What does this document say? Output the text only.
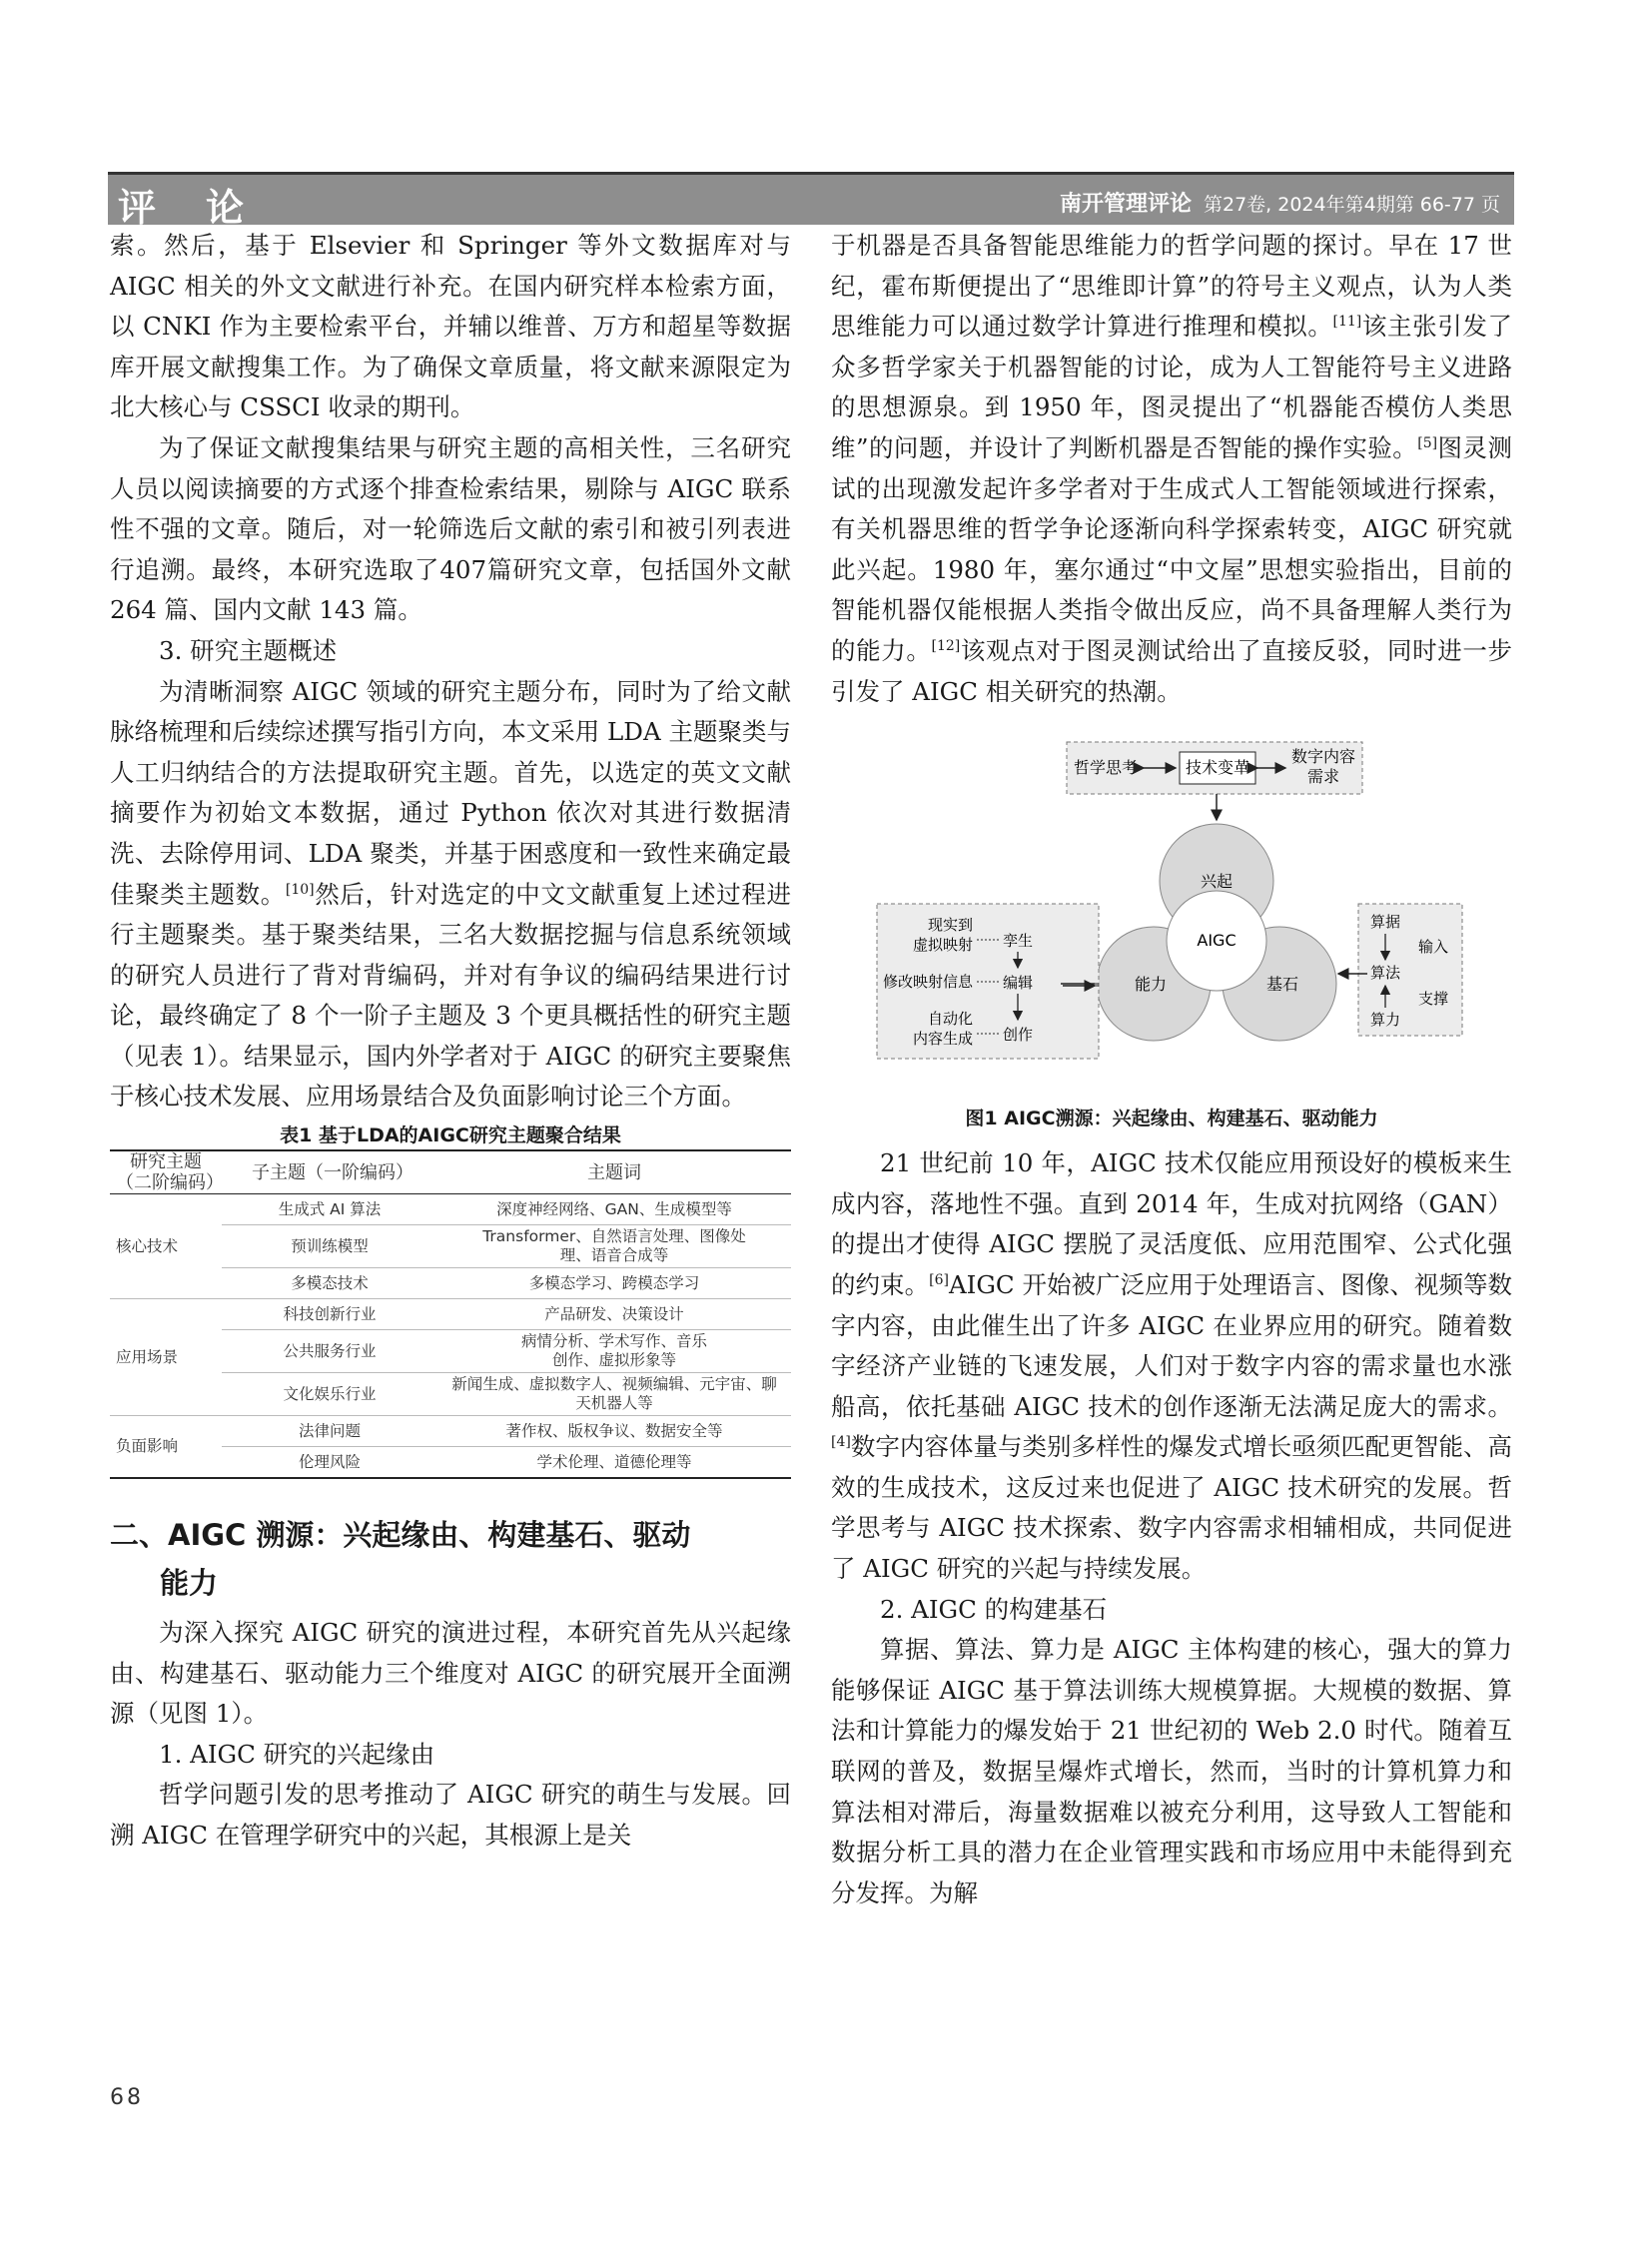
评论	南开管理评论 第27卷, 2024年第4期第 66-77 页

索。然后，基于 Elsevier 和 Springer 等外文数据库对与 AIGC 相关的外文文献进行补充。在国内研究样本检索方面，以 CNKI 作为主要检索平台，并辅以维普、万方和超星等数据库开展文献搜集工作。为了确保文章质量，将文献来源限定为北大核心与 CSSCI 收录的期刊。

为了保证文献搜集结果与研究主题的高相关性，三名研究人员以阅读摘要的方式逐个排查检索结果，剔除与 AIGC 联系性不强的文章。随后，对一轮筛选后文献的索引和被引列表进行追溯。最终，本研究选取了407篇研究文章，包括国外文献 264 篇、国内文献 143 篇。

3. 研究主题概述

为清晰洞察 AIGC 领域的研究主题分布，同时为了给文献脉络梳理和后续综述撰写指引方向，本文采用 LDA 主题聚类与人工归纳结合的方法提取研究主题。首先，以选定的英文文献摘要作为初始文本数据，通过 Python 依次对其进行数据清洗、去除停用词、LDA 聚类，并基于困惑度和一致性来确定最佳聚类主题数。[10]然后，针对选定的中文文献重复上述过程进行主题聚类。基于聚类结果，三名大数据挖掘与信息系统领域的研究人员进行了背对背编码，并对有争议的编码结果进行讨论，最终确定了 8 个一阶子主题及 3 个更具概括性的研究主题（见表 1）。结果显示，国内外学者对于 AIGC 的研究主要聚焦于核心技术发展、应用场景结合及负面影响讨论三个方面。

表1 基于LDA的AIGC研究主题聚合结果
研究主题（二阶编码）	子主题（一阶编码）	主题词
核心技术	生成式 AI 算法	深度神经网络、GAN、生成模型等
	预训练模型	Transformer、自然语言处理、图像处理、语音合成等
	多模态技术	多模态学习、跨模态学习
应用场景	科技创新行业	产品研发、决策设计
	公共服务行业	病情分析、学术写作、音乐创作、虚拟形象等
	文化娱乐行业	新闻生成、虚拟数字人、视频编辑、元宇宙、聊天机器人等
负面影响	法律问题	著作权、版权争议、数据安全等
	伦理风险	学术伦理、道德伦理等
二、AIGC 溯源：兴起缘由、构建基石、驱动
能力

为深入探究 AIGC 研究的演进过程，本研究首先从兴起缘由、构建基石、驱动能力三个维度对 AIGC 的研究展开全面溯源（见图 1）。

1. AIGC 研究的兴起缘由

哲学问题引发的思考推动了 AIGC 研究的萌生与发展。回溯 AIGC 在管理学研究中的兴起，其根源上是关

于机器是否具备智能思维能力的哲学问题的探讨。早在 17 世纪，霍布斯便提出了“思维即计算”的符号主义观点，认为人类思维能力可以通过数学计算进行推理和模拟。[11]该主张引发了众多哲学家关于机器智能的讨论，成为人工智能符号主义进路的思想源泉。到 1950 年，图灵提出了“机器能否模仿人类思维”的问题，并设计了判断机器是否智能的操作实验。[5]图灵测试的出现激发起许多学者对于生成式人工智能领域进行探索，有关机器思维的哲学争论逐渐向科学探索转变，AIGC 研究就此兴起。1980 年，塞尔通过“中文屋”思想实验指出，目前的智能机器仅能根据人类指令做出反应，尚不具备理解人类行为的能力。[12]该观点对于图灵测试给出了直接反驳，同时进一步引发了 AIGC 相关研究的热潮。

哲学思考	技术变革
数字内容
需求
兴起
能力	基石
AIGC
现实到
虚拟映射
修改映射信息
自动化
内容生成
孪生
编辑
创作
算据
算法
算力
输入
支撑

图1 AIGC溯源：兴起缘由、构建基石、驱动能力

21 世纪前 10 年，AIGC 技术仅能应用预设好的模板来生成内容，落地性不强。直到 2014 年，生成对抗网络（GAN）的提出才使得 AIGC 摆脱了灵活度低、应用范围窄、公式化强的约束。[6]AIGC 开始被广泛应用于处理语言、图像、视频等数字内容，由此催生出了许多 AIGC 在业界应用的研究。随着数字经济产业链的飞速发展，人们对于数字内容的需求量也水涨船高，依托基础 AIGC 技术的创作逐渐无法满足庞大的需求。[4]数字内容体量与类别多样性的爆发式增长亟须匹配更智能、高效的生成技术，这反过来也促进了 AIGC 技术研究的发展。哲学思考与 AIGC 技术探索、数字内容需求相辅相成，共同促进了 AIGC 研究的兴起与持续发展。

2. AIGC 的构建基石

算据、算法、算力是 AIGC 主体构建的核心，强大的算力能够保证 AIGC 基于算法训练大规模算据。大规模的数据、算法和计算能力的爆发始于 21 世纪初的 Web 2.0 时代。随着互联网的普及，数据呈爆炸式增长，然而，当时的计算机算力和算法相对滞后，海量数据难以被充分利用，这导致人工智能和数据分析工具的潜力在企业管理实践和市场应用中未能得到充分发挥。为解

68
